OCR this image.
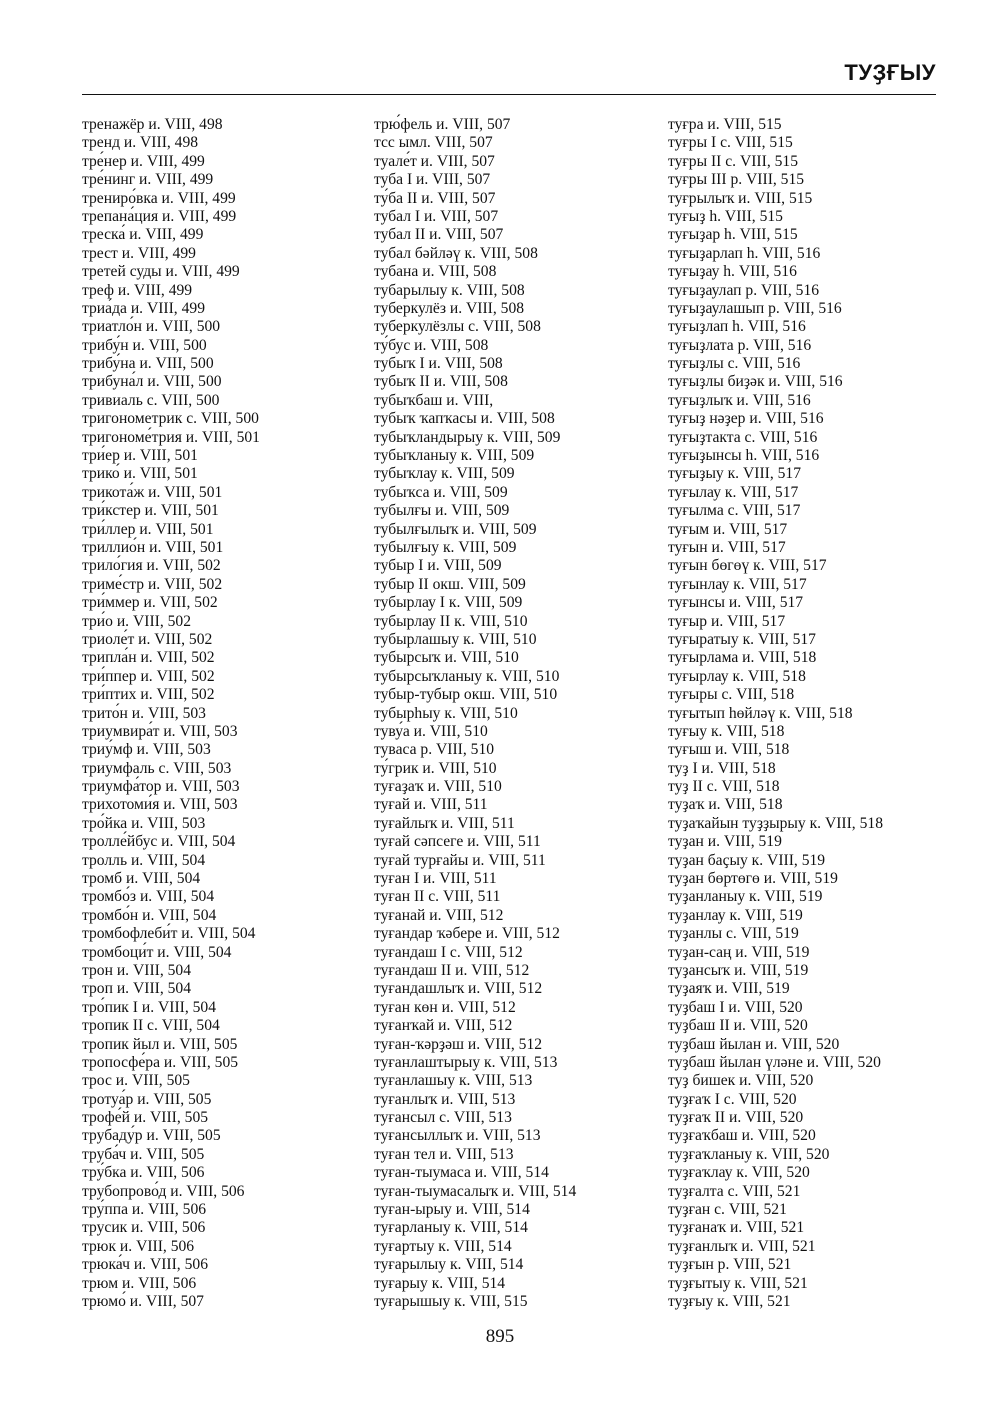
ТУҘҒЫУ
тренажёр и. VIII, 498
тренд и. VIII, 498
тре́нер и. VIII, 499
тре́нинг и. VIII, 499
трениро́вка и. VIII, 499
трепана́ция и. VIII, 499
треска́ и. VIII, 499
трест и. VIII, 499
третей суды и. VIII, 499
треф и. VIII, 499
триа́да и. VIII, 499
триатло́н и. VIII, 500
трибу́н и. VIII, 500
трибу́на и. VIII, 500
трибуна́л и. VIII, 500
тривиаль с. VIII, 500
тригонометрик с. VIII, 500
тригономе́трия и. VIII, 501
три́ер и. VIII, 501
трико́ и. VIII, 501
трикота́ж и. VIII, 501
три́кстер и. VIII, 501
три́ллер и. VIII, 501
триллио́н и. VIII, 501
трило́гия и. VIII, 502
триме́стр и. VIII, 502
три́ммер и. VIII, 502
три́о и. VIII, 502
триоле́т и. VIII, 502
трипла́н и. VIII, 502
три́ппер и. VIII, 502
три́птих и. VIII, 502
трито́н и. VIII, 503
триумвира́т и. VIII, 503
триу́мф и. VIII, 503
триумфаль с. VIII, 503
триумфа́тор и. VIII, 503
трихотоми́я и. VIII, 503
тро́йка и. VIII, 503
тролле́йбус и. VIII, 504
тролль и. VIII, 504
тромб и. VIII, 504
тромбо́з и. VIII, 504
тромбо́н и. VIII, 504
тромбофлеби́т и. VIII, 504
тромбоци́т и. VIII, 504
трон и. VIII, 504
троп и. VIII, 504
тро́пик I и. VIII, 504
тропик II с. VIII, 504
тропик йыл и. VIII, 505
тропосфе́ра и. VIII, 505
трос и. VIII, 505
тротуа́р и. VIII, 505
трофе́й и. VIII, 505
трубаду́р и. VIII, 505
труба́ч и. VIII, 505
тру́бка и. VIII, 506
трубопрово́д и. VIII, 506
тру́ппа и. VIII, 506
трусик и. VIII, 506
трюк и. VIII, 506
трюка́ч и. VIII, 506
трюм и. VIII, 506
трюмо́ и. VIII, 507
трю́фель и. VIII, 507
тсс ымл. VIII, 507
туале́т и. VIII, 507
туба I и. VIII, 507
ту́ба II и. VIII, 507
тубал I и. VIII, 507
тубал II и. VIII, 507
тубал бәйләү к. VIII, 508
тубана и. VIII, 508
тубарылыу к. VIII, 508
туберкулёз и. VIII, 508
туберкулёзлы с. VIII, 508
ту́бус и. VIII, 508
тубыҡ I и. VIII, 508
тубыҡ II и. VIII, 508
тубыҡбаш и. VIII,
тубыҡ ҡапҡасы и. VIII, 508
тубыҡландырыу к. VIII, 509
тубыҡланыу к. VIII, 509
тубыҡлау к. VIII, 509
тубыҡса и. VIII, 509
тубылғы и. VIII, 509
тубылғылыҡ и. VIII, 509
тубылғыу к. VIII, 509
тубыр I и. VIII, 509
тубыр II окш. VIII, 509
тубырлау I к. VIII, 509
тубырлау II к. VIII, 510
тубырлашыу к. VIII, 510
тубырсыҡ и. VIII, 510
тубырсыҡланыу к. VIII, 510
тубыр-тубыр окш. VIII, 510
тубырһыу к. VIII, 510
туву́а и. VIII, 510
туваса р. VIII, 510
ту́грик и. VIII, 510
туғаҙаҡ и. VIII, 510
туғай и. VIII, 511
туғайлыҡ и. VIII, 511
туғай сәпсеге и. VIII, 511
туғай турғайы и. VIII, 511
туған I и. VIII, 511
туған II с. VIII, 511
туғанай и. VIII, 512
туғандар ҡәбере и. VIII, 512
туғандаш I с. VIII, 512
туғандаш II и. VIII, 512
туғандашлыҡ и. VIII, 512
туған көн и. VIII, 512
туғанҡай и. VIII, 512
туған-ҡәрҙәш и. VIII, 512
туғанлаштырыу к. VIII, 513
туғанлашыу к. VIII, 513
туғанлыҡ и. VIII, 513
туғансыл с. VIII, 513
туғансыллыҡ и. VIII, 513
туған тел и. VIII, 513
туған-тыумаса и. VIII, 514
туған-тыумасалыҡ и. VIII, 514
туған-ырыу и. VIII, 514
туғарланыу к. VIII, 514
туғартыу к. VIII, 514
туғарылыу к. VIII, 514
туғарыу к. VIII, 514
туғарышыу к. VIII, 515
туғра и. VIII, 515
туғры I с. VIII, 515
туғры II с. VIII, 515
туғры III р. VIII, 515
туғрылыҡ и. VIII, 515
туғыҙ һ. VIII, 515
туғыҙар һ. VIII, 515
туғыҙарлап һ. VIII, 516
туғыҙау һ. VIII, 516
туғыҙаулап р. VIII, 516
туғыҙаулашып р. VIII, 516
туғыҙлап һ. VIII, 516
туғыҙлата р. VIII, 516
туғыҙлы с. VIII, 516
туғыҙлы биҙәк и. VIII, 516
туғыҙлыҡ и. VIII, 516
туғыҙ нәҙер и. VIII, 516
туғыҙтакта с. VIII, 516
туғыҙынсы һ. VIII, 516
туғыҙыу к. VIII, 517
туғылау к. VIII, 517
туғылма с. VIII, 517
туғым и. VIII, 517
туғын и. VIII, 517
туғын бөгөү к. VIII, 517
туғынлау к. VIII, 517
туғынсы и. VIII, 517
туғыр и. VIII, 517
туғыратыу к. VIII, 517
туғырлама и. VIII, 518
туғырлау к. VIII, 518
туғыры с. VIII, 518
туғытып һөйләү к. VIII, 518
туғыу к. VIII, 518
туғыш и. VIII, 518
туҙ I и. VIII, 518
туҙ II с. VIII, 518
туҙаҡ и. VIII, 518
туҙаҡайын туҙҙырыу к. VIII, 518
туҙан и. VIII, 519
туҙан баҫыу к. VIII, 519
туҙан бөртөгө и. VIII, 519
туҙанланыу к. VIII, 519
туҙанлау к. VIII, 519
туҙанлы с. VIII, 519
туҙан-саң и. VIII, 519
туҙансыҡ и. VIII, 519
туҙаяҡ и. VIII, 519
туҙбаш I и. VIII, 520
туҙбаш II и. VIII, 520
туҙбаш йылан и. VIII, 520
туҙбаш йылан үләне и. VIII, 520
туҙ бишек и. VIII, 520
туҙғаҡ I с. VIII, 520
туҙғаҡ II и. VIII, 520
туҙғаҡбаш и. VIII, 520
туҙғаҡланыу к. VIII, 520
туҙғаҡлау к. VIII, 520
туҙғалта с. VIII, 521
туҙған с. VIII, 521
туҙғанаҡ и. VIII, 521
туҙғанлыҡ и. VIII, 521
туҙғын р. VIII, 521
туҙғытыу к. VIII, 521
туҙғыу к. VIII, 521
895
